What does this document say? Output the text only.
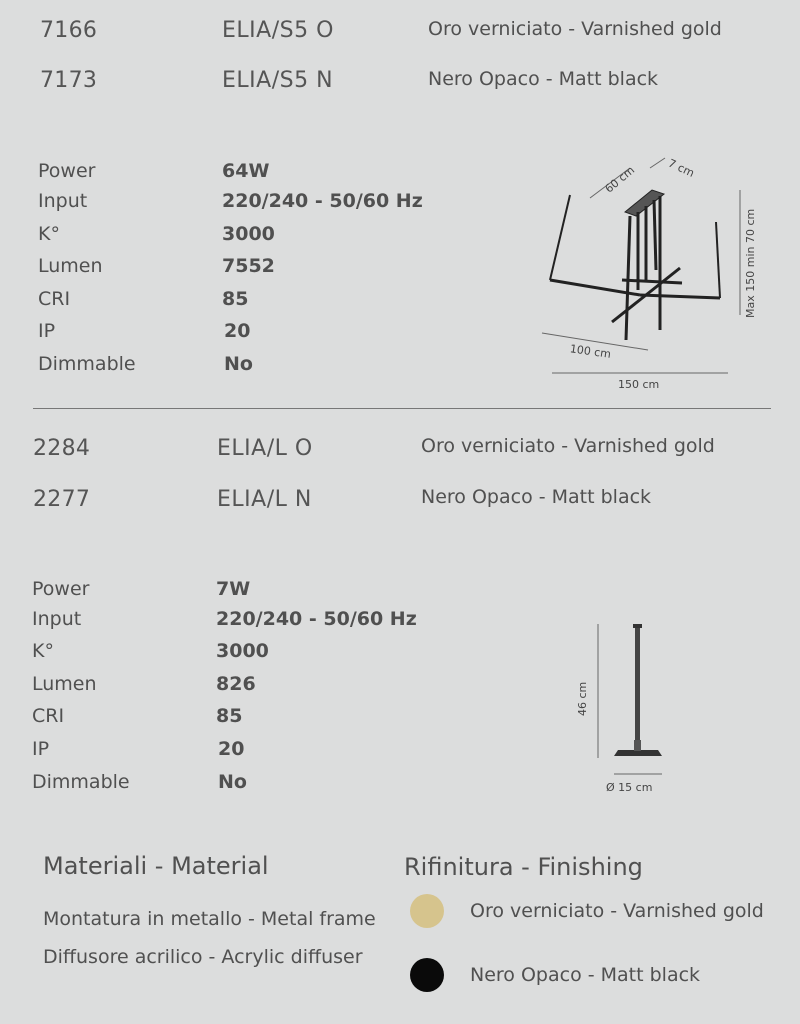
7166	ELIA/S5 O	Oro verniciato - Varnished gold
7173	ELIA/S5 N	Nero Opaco - Matt black
Power	64W
Input	220/240 - 50/60 Hz
K°	3000
Lumen	7552
CRI	85
IP	20
Dimmable	No
60 cm	7 cm
Max 150 min 70 cm
100 cm
150 cm
2284	ELIA/L O	Oro verniciato - Varnished gold
2277	ELIA/L N	Nero Opaco - Matt black
Power	7W
Input	220/240 - 50/60 Hz
K°	3000
Lumen	826
CRI	85
IP	20
Dimmable	No
46 cm
Ø 15 cm
Materiali - Material
Montatura in metallo - Metal frame
Diffusore acrilico - Acrylic diffuser
Rifinitura - Finishing
Oro verniciato - Varnished gold
Nero Opaco - Matt black
